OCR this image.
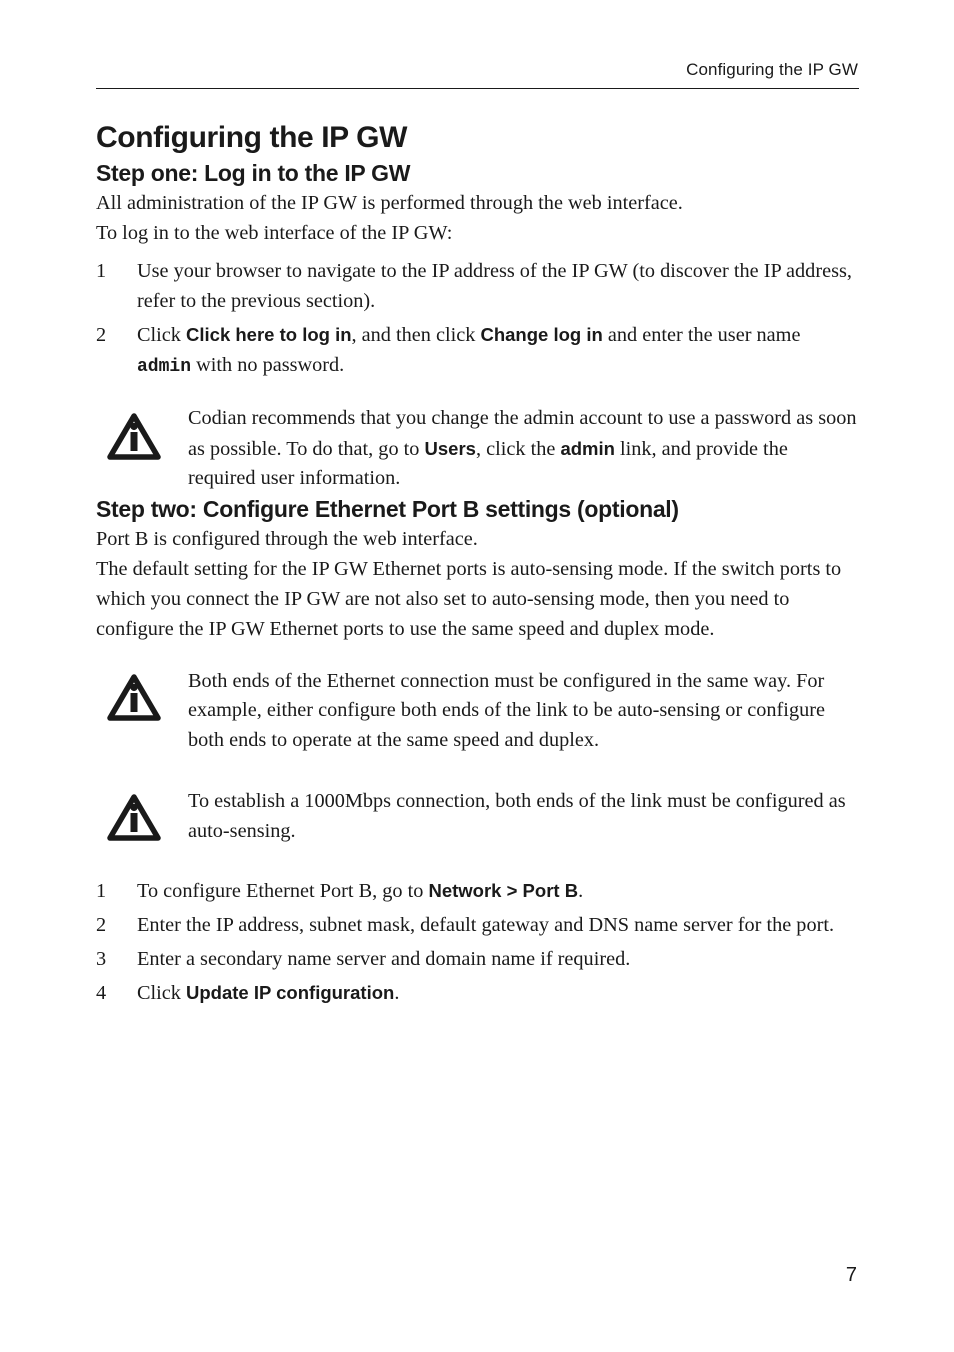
Configuring the IP GW
Configuring the IP GW
Step one: Log in to the IP GW

All administration of the IP GW is performed through the web interface.

To log in to the web interface of the IP GW:

1 Use your browser to navigate to the IP address of the IP GW (to discover the IP address, refer to the previous section).
2 Click Click here to log in, and then click Change log in and enter the user name admin with no password.

Codian recommends that you change the admin account to use a password as soon as possible. To do that, go to Users, click the admin link, and provide the required user information.

Step two: Configure Ethernet Port B settings (optional)

Port B is configured through the web interface.

The default setting for the IP GW Ethernet ports is auto-sensing mode. If the switch ports to which you connect the IP GW are not also set to auto-sensing mode, then you need to configure the IP GW Ethernet ports to use the same speed and duplex mode.

Both ends of the Ethernet connection must be configured in the same way. For example, either configure both ends of the link to be auto-sensing or configure both ends to operate at the same speed and duplex.

To establish a 1000Mbps connection, both ends of the link must be configured as auto-sensing.

1 To configure Ethernet Port B, go to Network > Port B.
2 Enter the IP address, subnet mask, default gateway and DNS name server for the port.
3 Enter a secondary name server and domain name if required.
4 Click Update IP configuration.
7
